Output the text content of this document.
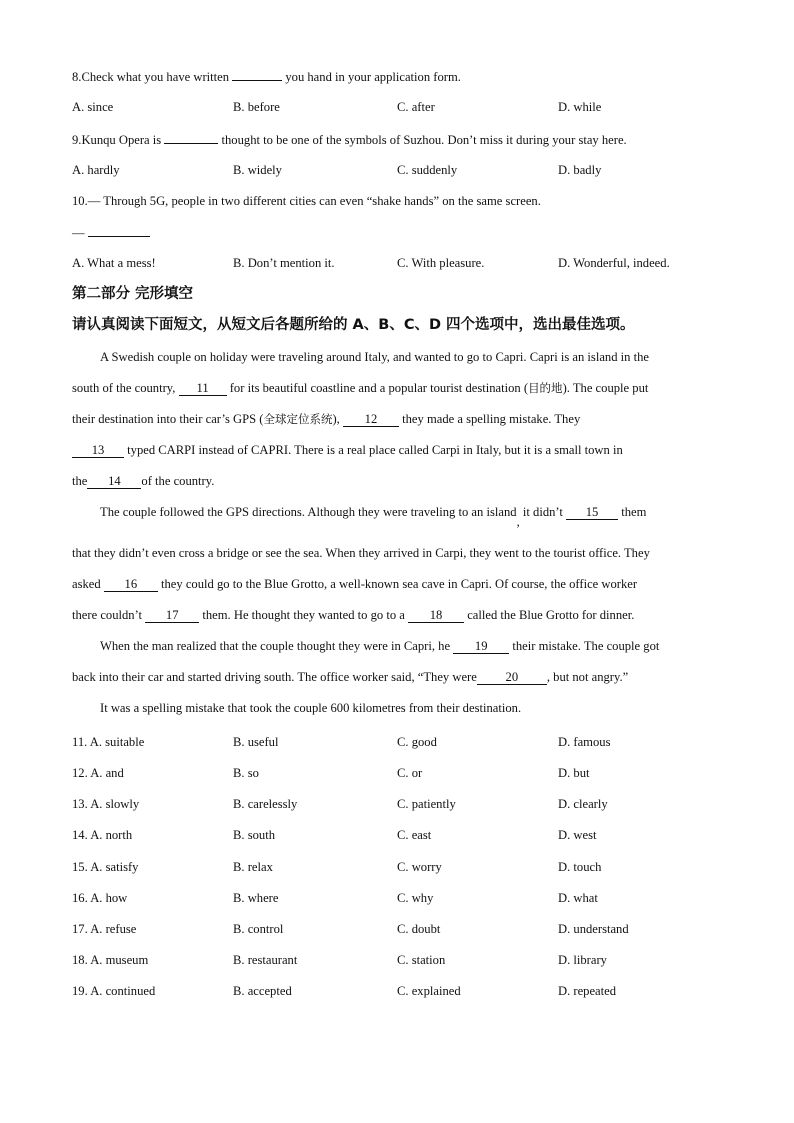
8.Check what you have written	you hand in your application form.
A. since	B. before	C. after	D. while
9.Kunqu Opera is	thought to be one of the symbols of Suzhou. Don’t miss it during your stay here.
A. hardly	B. widely	C. suddenly	D. badly
10.— Through 5G, people in two different cities can even “shake hands” on the same screen.
—
A. What a mess!	B. Don’t mention it.	C. With pleasure.	D. Wonderful, indeed.
第二部分 完形填空
请认真阅读下面短文，从短文后各题所给的 A、B、C、D 四个选项中，选出最佳选项。
A Swedish couple on holiday were traveling around Italy, and wanted to go to Capri. Capri is an island in the
south of the country, 11 for its beautiful coastline and a popular tourist destination (目的地). The couple put
their destination into their car’s GPS (全球定位系统), 12 they made a spelling mistake. They
13 typed CARPI instead of CAPRI. There is a real place called Carpi in Italy, but it is a small town in
the 14 of the country.
The couple followed the GPS directions. Although they were traveling to an island, it didn’t 15 them
that they didn’t even cross a bridge or see the sea. When they arrived in Carpi, they went to the tourist office. They
asked 16 they could go to the Blue Grotto, a well-known sea cave in Capri. Of course, the office worker
there couldn’t 17 them. He thought they wanted to go to a 18 called the Blue Grotto for dinner.
When the man realized that the couple thought they were in Capri, he 19 their mistake. The couple got
back into their car and started driving south. The office worker said, “They were 20 , but not angry.”
It was a spelling mistake that took the couple 600 kilometres from their destination.
11. A. suitable	B. useful	C. good	D. famous
12. A. and	B. so	C. or	D. but
13. A. slowly	B. carelessly	C. patiently	D. clearly
14. A. north	B. south	C. east	D. west
15. A. satisfy	B. relax	C. worry	D. touch
16. A. how	B. where	C. why	D. what
17. A. refuse	B. control	C. doubt	D. understand
18. A. museum	B. restaurant	C. station	D. library
19. A. continued	B. accepted	C. explained	D. repeated
